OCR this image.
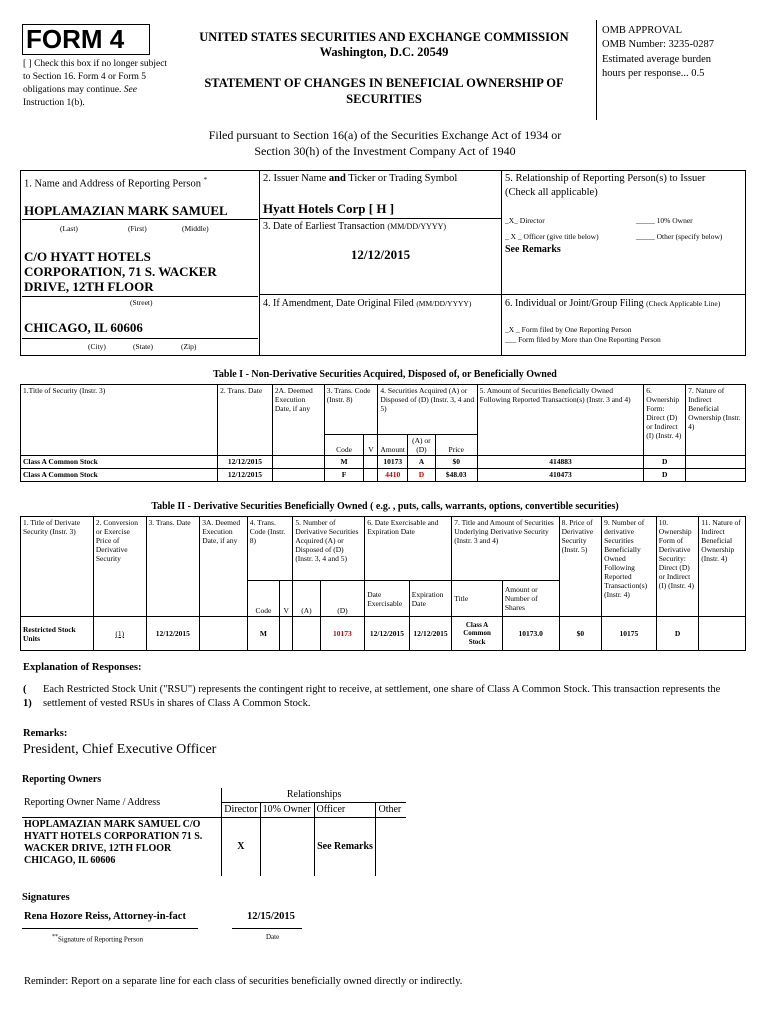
FORM 4
[ ] Check this box if no longer subject to Section 16. Form 4 or Form 5 obligations may continue. See Instruction 1(b).
UNITED STATES SECURITIES AND EXCHANGE COMMISSION
Washington, D.C. 20549
STATEMENT OF CHANGES IN BENEFICIAL OWNERSHIP OF SECURITIES
OMB APPROVAL
OMB Number: 3235-0287
Estimated average burden hours per response... 0.5
Filed pursuant to Section 16(a) of the Securities Exchange Act of 1934 or
Section 30(h) of the Investment Company Act of 1940
1. Name and Address of Reporting Person *
HOPLAMAZIAN MARK SAMUEL
(Last)	(First)	(Middle)
C/O HYATT HOTELS CORPORATION, 71 S. WACKER DRIVE, 12TH FLOOR
(Street)
CHICAGO, IL 60606
(City)	(State)	(Zip)
2. Issuer Name and Ticker or Trading Symbol
Hyatt Hotels Corp [ H ]
3. Date of Earliest Transaction (MM/DD/YYYY)
12/12/2015
4. If Amendment, Date Original Filed (MM/DD/YYYY)
5. Relationship of Reporting Person(s) to Issuer
(Check all applicable)
_X_ Director	_____ 10% Owner
_ X _ Officer (give title below)	_____ Other (specify below)
See Remarks
6. Individual or Joint/Group Filing (Check Applicable Line)
_X _ Form filed by One Reporting Person
___ Form filed by More than One Reporting Person
Table I - Non-Derivative Securities Acquired, Disposed of, or Beneficially Owned
1.Title of Security (Instr. 3)	2. Trans. Date	2A. Deemed Execution Date, if any	3. Trans. Code (Instr. 8)		4. Securities Acquired (A) or Disposed of (D) (Instr. 3, 4 and 5)			5. Amount of Securities Beneficially Owned Following Reported Transaction(s) (Instr. 3 and 4)	6. Ownership Form: Direct (D) or Indirect (I) (Instr. 4)	7. Nature of Indirect Beneficial Ownership (Instr. 4)
			Code	V	Amount	(A) or (D)	Price			
Class A Common Stock	12/12/2015		M		10173	A	$0	414883	D	
Class A Common Stock	12/12/2015		F		4410	D	$48.03	410473	D	
Table II - Derivative Securities Beneficially Owned ( e.g. , puts, calls, warrants, options, convertible securities)
1. Title of Derivate Security (Instr. 3)	2. Conversion or Exercise Price of Derivative Security	3. Trans. Date	3A. Deemed Execution Date, if any	4. Trans. Code (Instr. 8)		5. Number of Derivative Securities Acquired (A) or Disposed of (D) (Instr. 3, 4 and 5)		6. Date Exercisable and Expiration Date		7. Title and Amount of Securities Underlying Derivative Security (Instr. 3 and 4)		8. Price of Derivative Security (Instr. 5)	9. Number of derivative Securities Beneficially Owned Following Reported Transaction(s) (Instr. 4)	10. Ownership Form of Derivative Security: Direct (D) or Indirect (I) (Instr. 4)	11. Nature of Indirect Beneficial Ownership (Instr. 4)
				Code	V	(A)	(D)	Date Exercisable	Expiration Date	Title	Amount or Number of Shares				
Restricted Stock Units	(1)	12/12/2015		M			10173	12/12/2015	12/12/2015	Class A Common Stock	10173.0	$0	10175	D	
Explanation of Responses:
( 1)
Each Restricted Stock Unit ("RSU") represents the contingent right to receive, at settlement, one share of Class A Common Stock. This transaction represents the settlement of vested RSUs in shares of Class A Common Stock.
Remarks:
President, Chief Executive Officer
Reporting Owners
Reporting Owner Name / Address	Relationships			
	Director	10% Owner	Officer	Other
HOPLAMAZIAN MARK SAMUEL C/O HYATT HOTELS CORPORATION 71 S. WACKER DRIVE, 12TH FLOOR CHICAGO, IL 60606	X		See Remarks	
Signatures
Rena Hozore Reiss, Attorney-in-fact	12/15/2015
**Signature of Reporting Person	Date
Reminder: Report on a separate line for each class of securities beneficially owned directly or indirectly.
